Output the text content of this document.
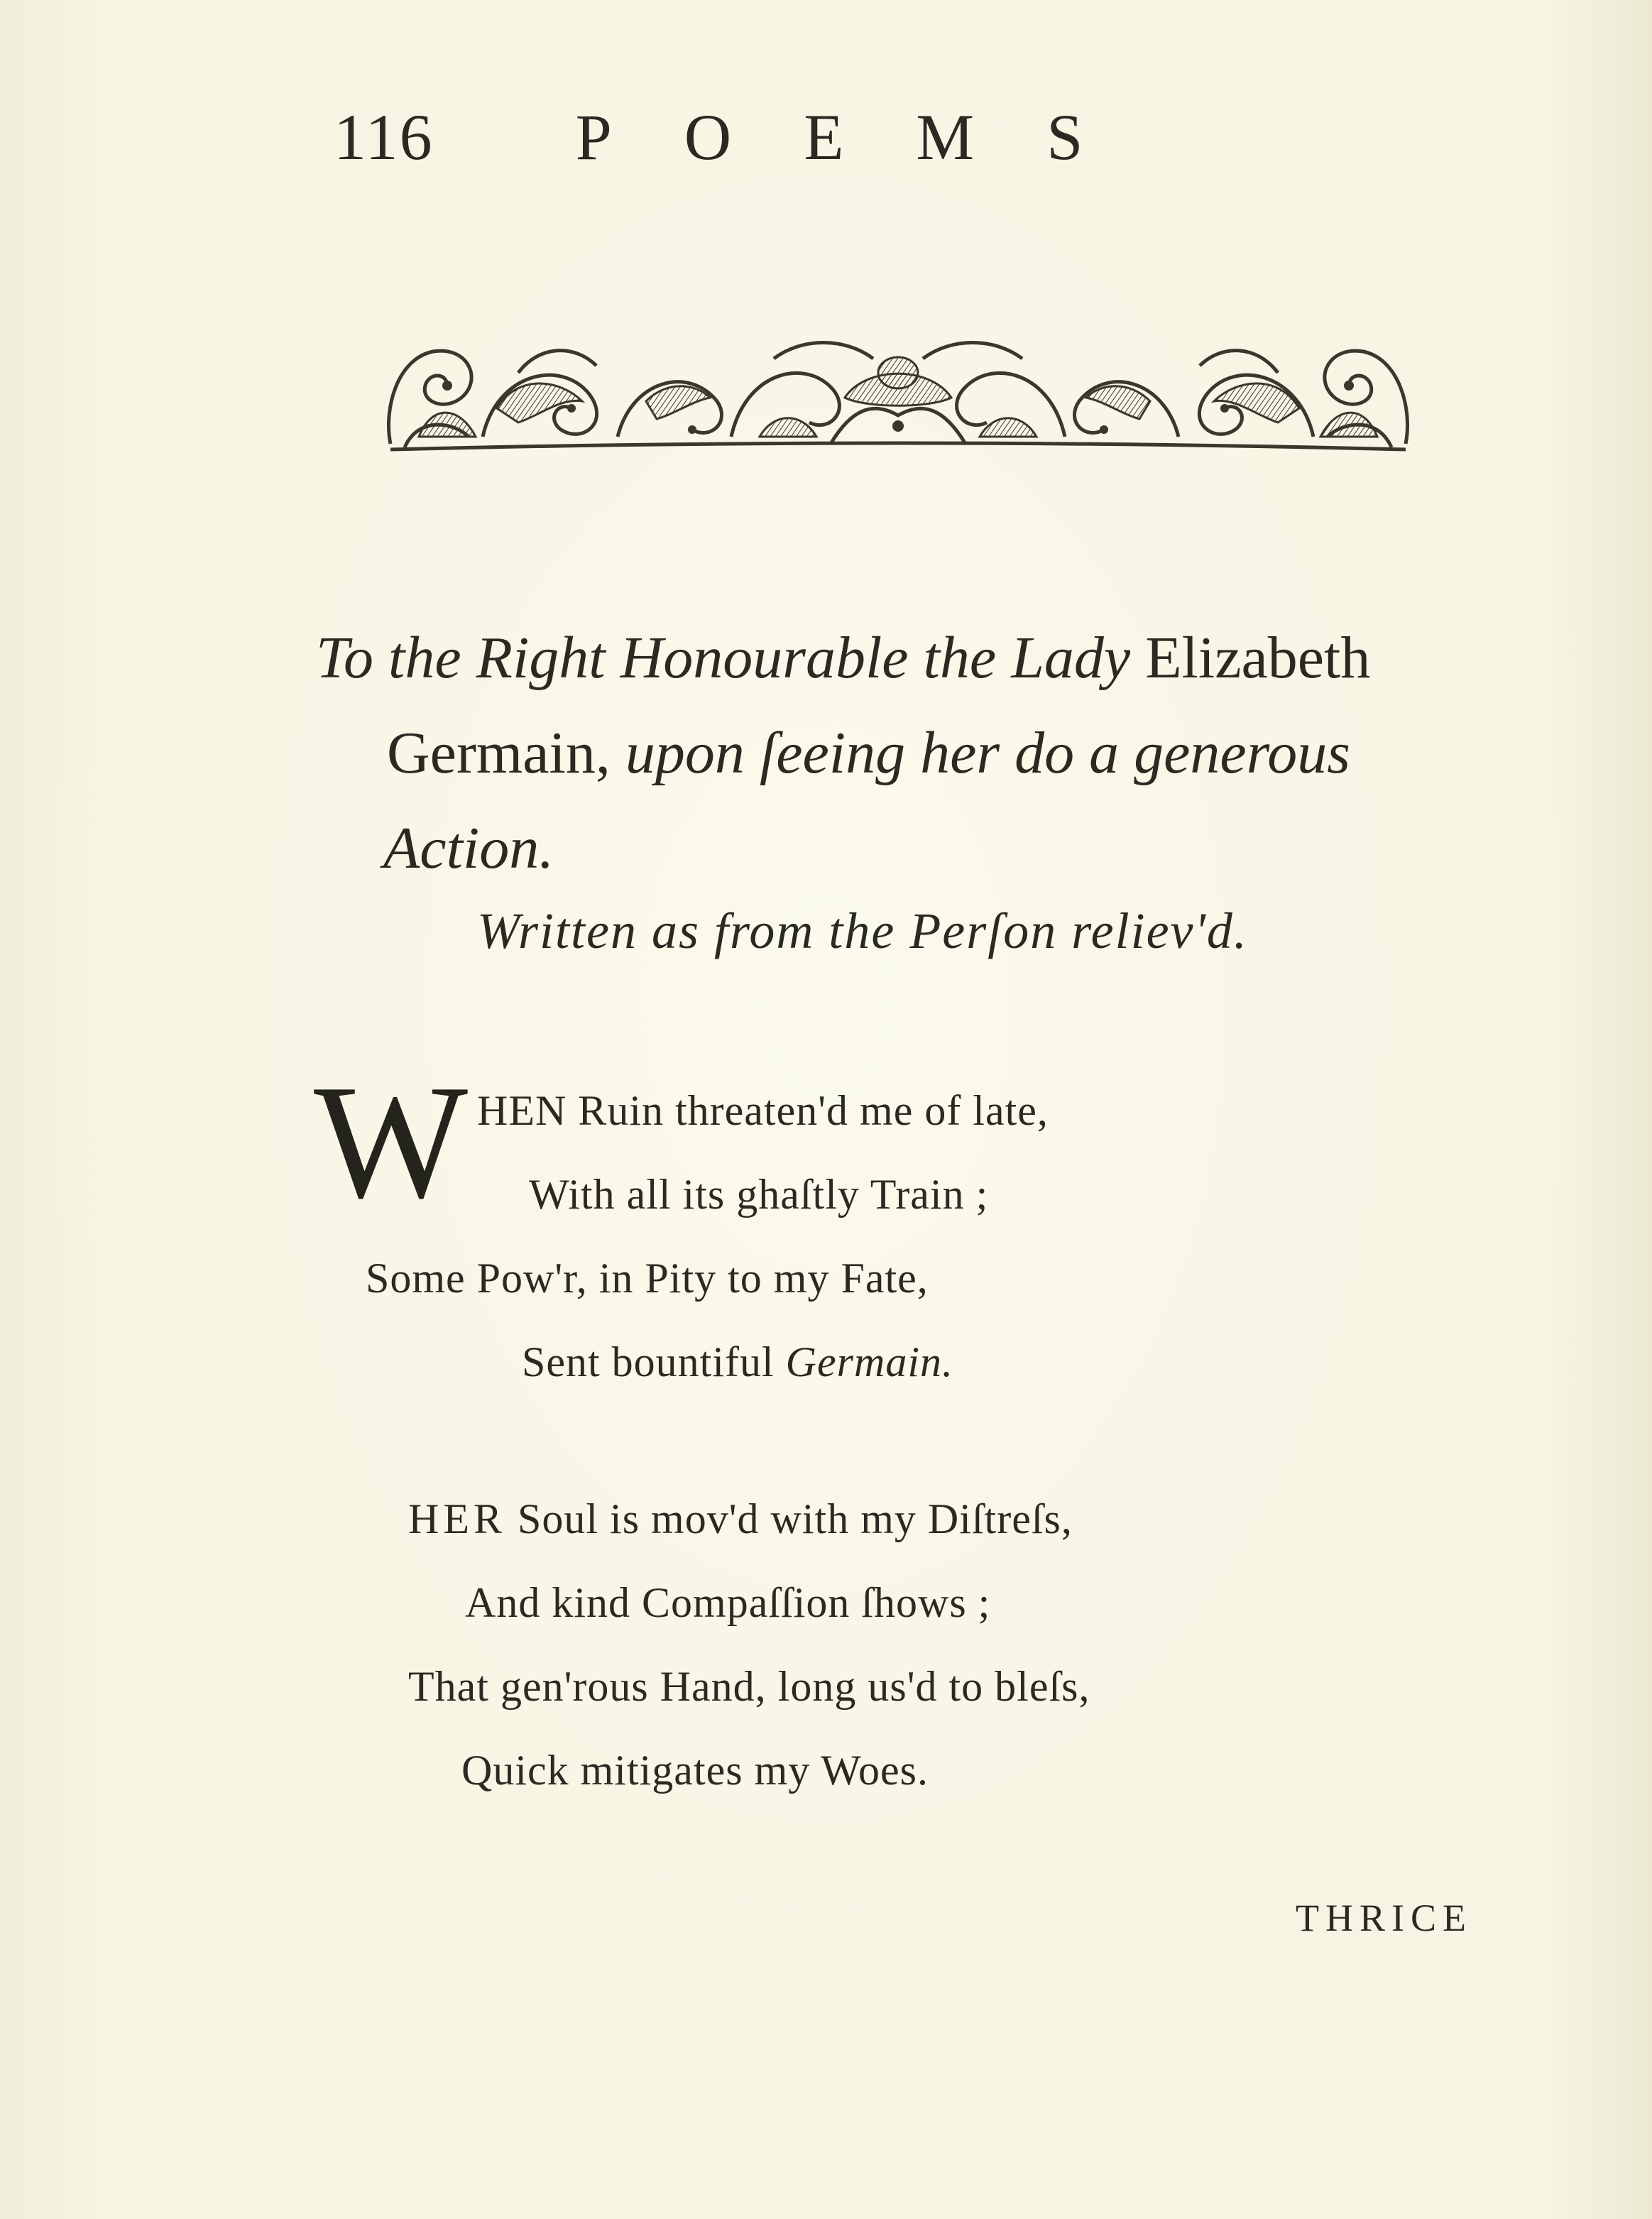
116 POEMS
To the Right Honourable the Lady Elizabeth
Germain, upon ſeeing her do a generous
Action.
Written as from the Perſon reliev'd.
W HEN Ruin threaten'd me of late,
With all its ghaſtly Train ;
Some Pow'r, in Pity to my Fate,
Sent bountiful Germain.
HER Soul is mov'd with my Diſtreſs,
And kind Compaſſion ſhows ;
That gen'rous Hand, long us'd to bleſs,
Quick mitigates my Woes.
THRICE
